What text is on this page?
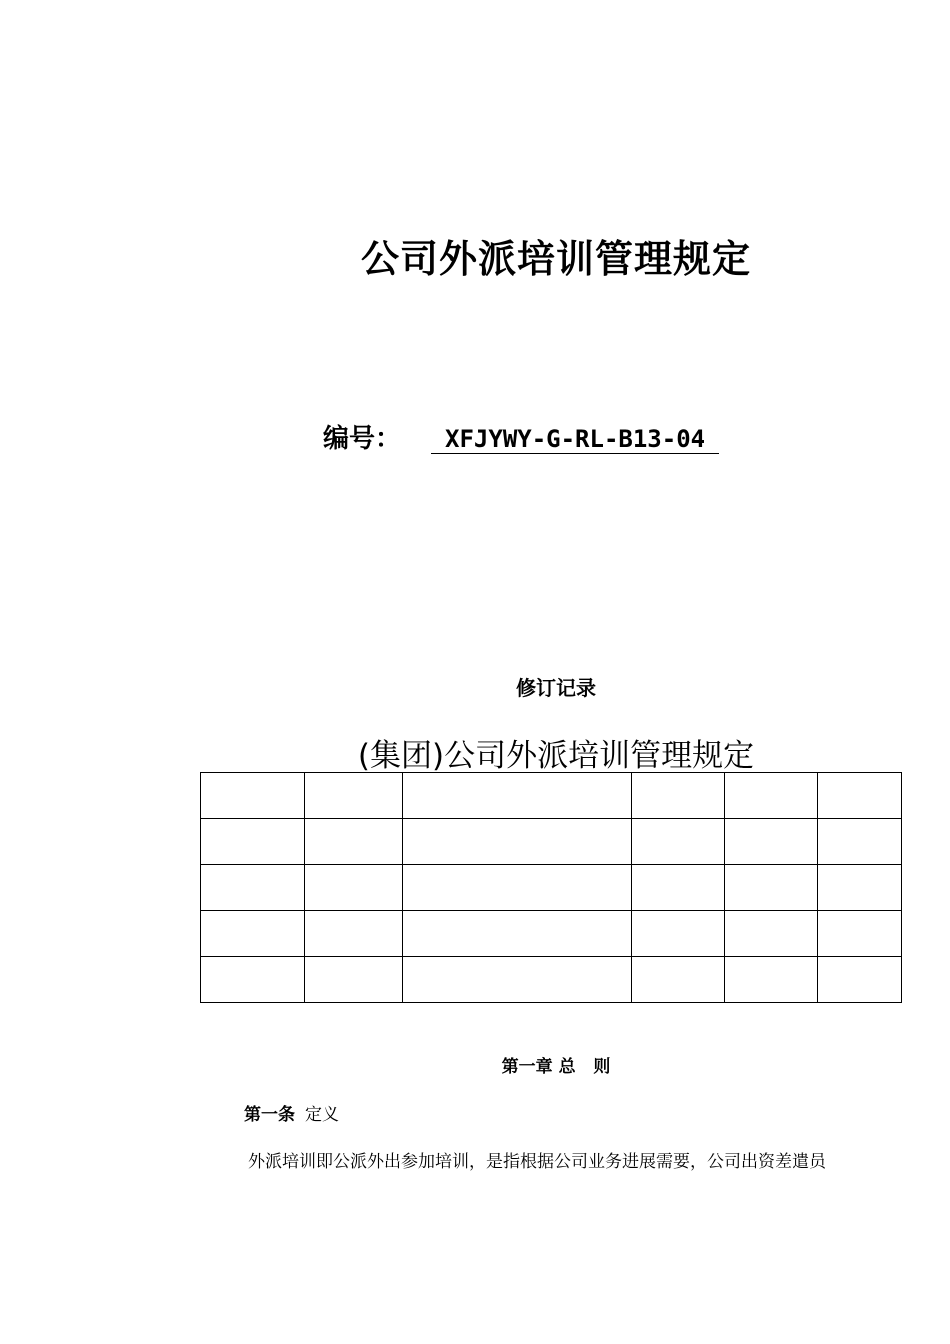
公司外派培训管理规定
编号：	XFJYWY-G-RL-B13-04
修订记录
(集团)公司外派培训管理规定

第一章 总   则
第一条 定义
外派培训即公派外出参加培训，是指根据公司业务进展需要，公司出资差遣员
